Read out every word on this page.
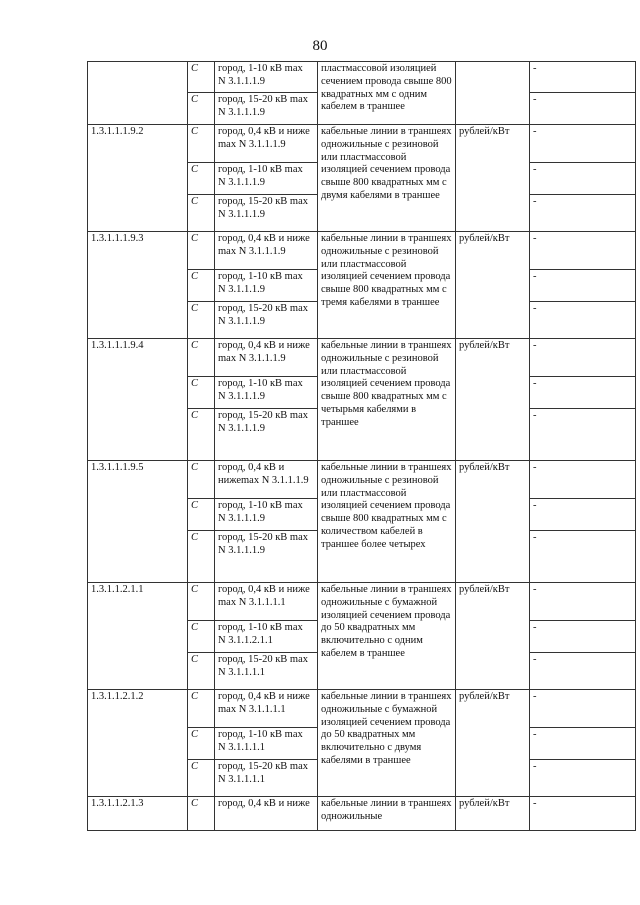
80
	C	город, 1-10 кВ max N 3.1.1.1.9	пластмассовой изоляцией сечением провода свыше 800 квадратных мм с одним кабелем в траншее		-
	C	город, 15-20 кВ max N 3.1.1.1.9			-
1.3.1.1.1.9.2	C	город, 0,4 кВ и ниже max N 3.1.1.1.9	кабельные линии в траншеях одножильные с резиновой или пластмассовой изоляцией сечением провода свыше 800 квадратных мм с двумя кабелями в траншее	рублей/кВт	-
	C	город, 1-10 кВ max N 3.1.1.1.9			-
	C	город, 15-20 кВ max N 3.1.1.1.9			-
1.3.1.1.1.9.3	C	город, 0,4 кВ и ниже max N 3.1.1.1.9	кабельные линии в траншеях одножильные с резиновой или пластмассовой изоляцией сечением провода свыше 800 квадратных мм с тремя кабелями в траншее	рублей/кВт	-
	C	город, 1-10 кВ max N 3.1.1.1.9			-
	C	город, 15-20 кВ max N 3.1.1.1.9			-
1.3.1.1.1.9.4	C	город, 0,4 кВ и ниже max N 3.1.1.1.9	кабельные линии в траншеях одножильные с резиновой или пластмассовой изоляцией сечением провода свыше 800 квадратных мм с четырьмя кабелями в траншее	рублей/кВт	-
	C	город, 1-10 кВ max N 3.1.1.1.9			-
	C	город, 15-20 кВ max N 3.1.1.1.9			-
1.3.1.1.1.9.5	C	город, 0,4 кВ и нижеmax N 3.1.1.1.9	кабельные линии в траншеях одножильные с резиновой или пластмассовой изоляцией сечением провода свыше 800 квадратных мм с количеством кабелей в траншее более четырех	рублей/кВт	-
	C	город, 1-10 кВ max N 3.1.1.1.9			-
	C	город, 15-20 кВ max N 3.1.1.1.9			-
1.3.1.1.2.1.1	C	город, 0,4 кВ и ниже max N 3.1.1.1.1	кабельные линии в траншеях одножильные с бумажной изоляцией сечением провода до 50 квадратных мм включительно с одним кабелем в траншее	рублей/кВт	-
	C	город, 1-10 кВ max N 3.1.1.2.1.1			-
	C	город, 15-20 кВ max N 3.1.1.1.1			-
1.3.1.1.2.1.2	C	город, 0,4 кВ и ниже max N 3.1.1.1.1	кабельные линии в траншеях одножильные с бумажной изоляцией сечением провода до 50 квадратных мм включительно с двумя кабелями в траншее	рублей/кВт	-
	C	город, 1-10 кВ max N 3.1.1.1.1			-
	C	город, 15-20 кВ max N 3.1.1.1.1			-
1.3.1.1.2.1.3	C	город, 0,4 кВ и ниже	кабельные линии в траншеях одножильные	рублей/кВт	-
